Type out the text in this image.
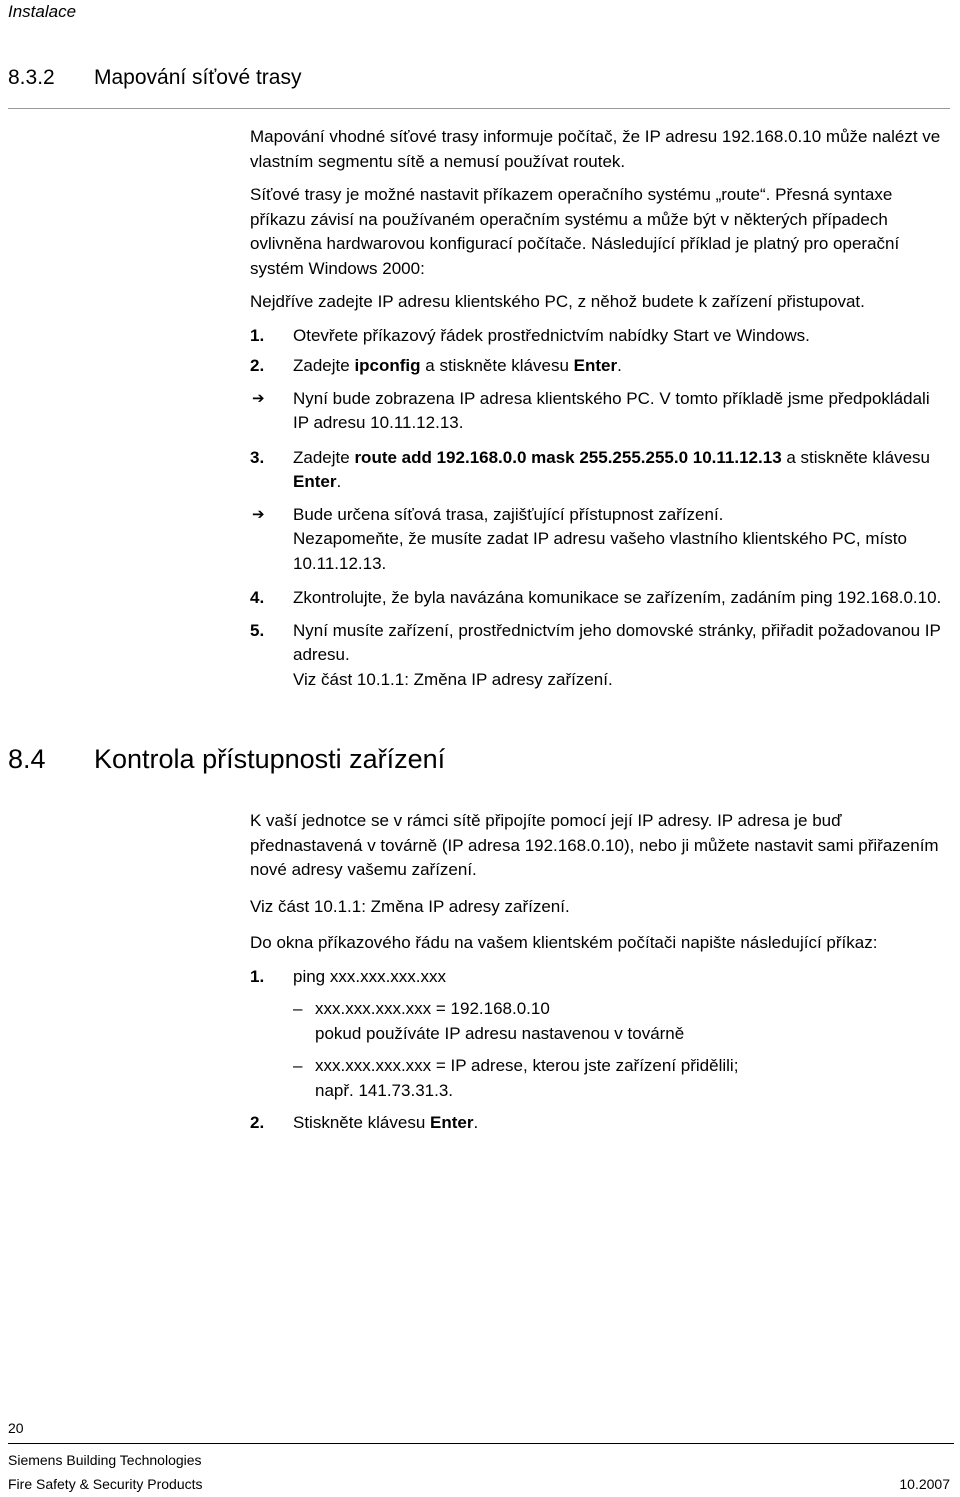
Instalace
8.3.2 Mapování síťové trasy
Mapování vhodné síťové trasy informuje počítač, že IP adresu 192.168.0.10 může nalézt ve vlastním segmentu sítě a nemusí používat routek.
Síťové trasy je možné nastavit příkazem operačního systému „route“. Přesná syntaxe příkazu závisí na používaném operačním systému a může být v některých případech ovlivněna hardwarovou konfigurací počítače. Následující příklad je platný pro operační systém Windows 2000:
Nejdříve zadejte IP adresu klientského PC, z něhož budete k zařízení přistupovat.
1.	Otevřete příkazový řádek prostřednictvím nabídky Start ve Windows.
2.	Zadejte ipconfig a stiskněte klávesu Enter.
➔	Nyní bude zobrazena IP adresa klientského PC. V tomto příkladě jsme předpokládali IP adresu 10.11.12.13.
3.	Zadejte route add 192.168.0.0 mask 255.255.255.0 10.11.12.13 a stiskněte klávesu Enter.
➔	Bude určena síťová trasa, zajišťující přístupnost zařízení.
Nezapomeňte, že musíte zadat IP adresu vašeho vlastního klientského PC, místo 10.11.12.13.
4.	Zkontrolujte, že byla navázána komunikace se zařízením, zadáním ping 192.168.0.10.
5.	Nyní musíte zařízení, prostřednictvím jeho domovské stránky, přiřadit požadovanou IP adresu.
Viz část 10.1.1: Změna IP adresy zařízení.
8.4 Kontrola přístupnosti zařízení
K vaší jednotce se v rámci sítě připojíte pomocí její IP adresy. IP adresa je buď přednastavená v továrně (IP adresa 192.168.0.10), nebo ji můžete nastavit sami přiřazením nové adresy vašemu zařízení.
Viz část 10.1.1: Změna IP adresy zařízení.
Do okna příkazového řádu na vašem klientském počítači napište následující příkaz:
1.	ping xxx.xxx.xxx.xxx
– xxx.xxx.xxx.xxx = 192.168.0.10
pokud používáte IP adresu nastavenou v továrně
– xxx.xxx.xxx.xxx = IP adrese, kterou jste zařízení přidělili;
např. 141.73.31.3.
2.	Stiskněte klávesu Enter.
20
Siemens Building Technologies
Fire Safety & Security Products	10.2007
